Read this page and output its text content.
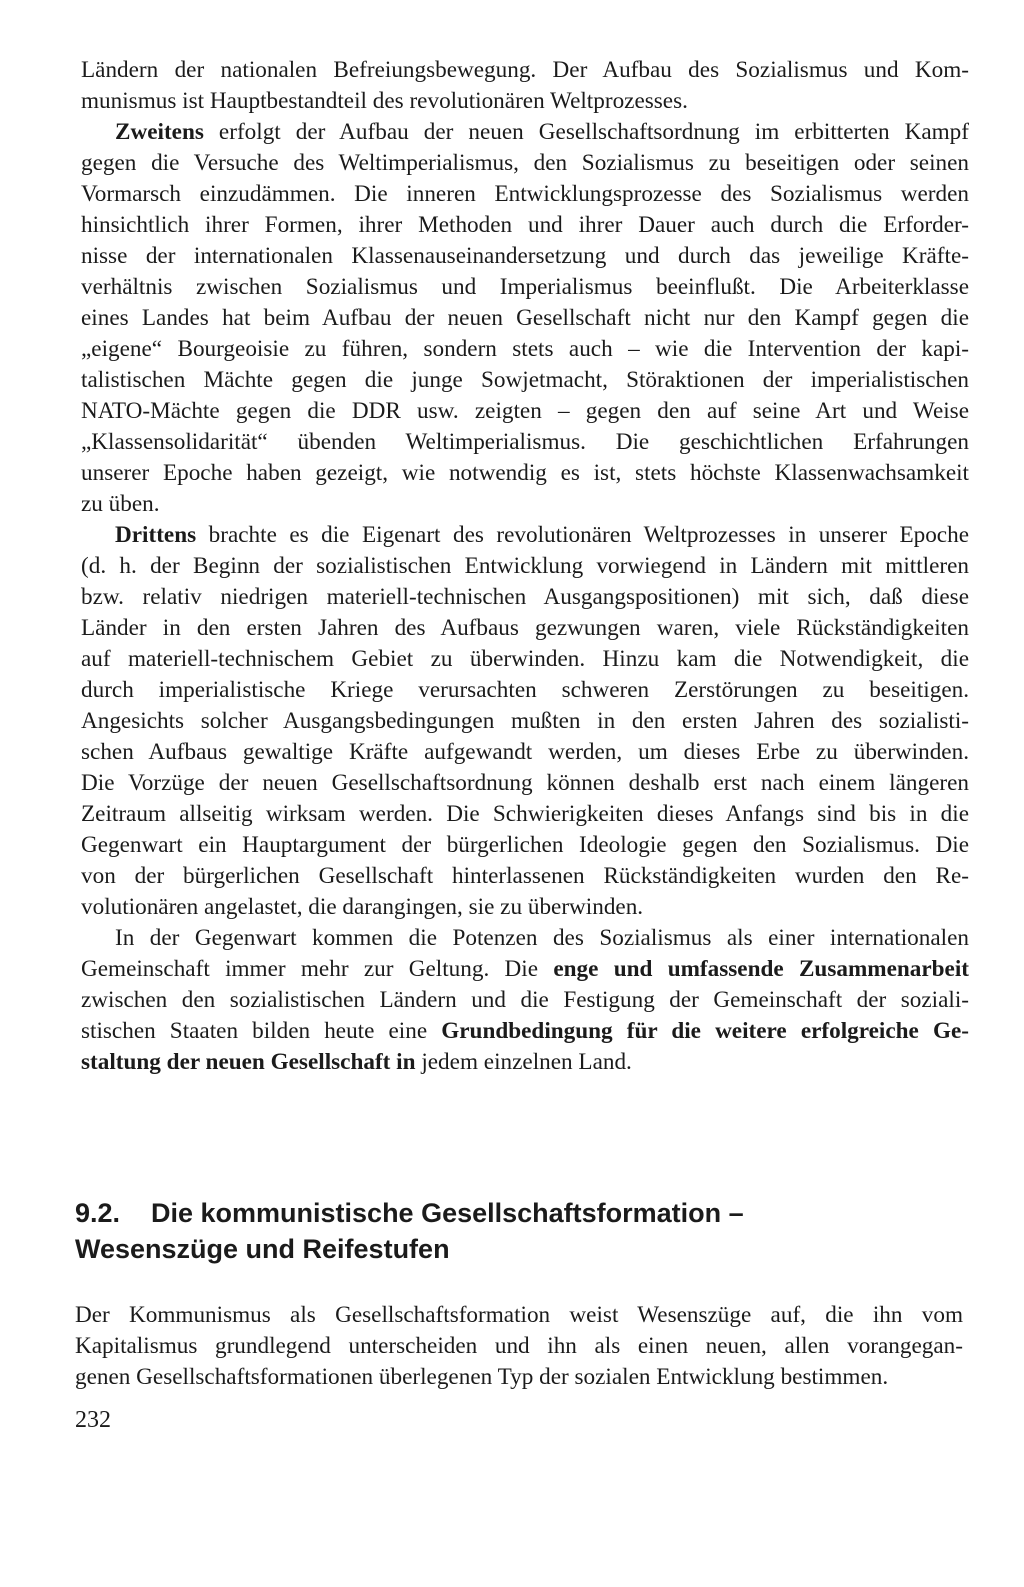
Ländern der nationalen Befreiungsbewegung. Der Aufbau des Sozialismus und Kom-
munismus ist Hauptbestandteil des revolutionären Weltprozesses.

Zweitens erfolgt der Aufbau der neuen Gesellschaftsordnung im erbitterten Kampf
gegen die Versuche des Weltimperialismus, den Sozialismus zu beseitigen oder seinen
Vormarsch einzudämmen. Die inneren Entwicklungsprozesse des Sozialismus werden
hinsichtlich ihrer Formen, ihrer Methoden und ihrer Dauer auch durch die Erforder-
nisse der internationalen Klassenauseinandersetzung und durch das jeweilige Kräfte-
verhältnis zwischen Sozialismus und Imperialismus beeinflußt. Die Arbeiterklasse
eines Landes hat beim Aufbau der neuen Gesellschaft nicht nur den Kampf gegen die
„eigene“ Bourgeoisie zu führen, sondern stets auch – wie die Intervention der kapi-
talistischen Mächte gegen die junge Sowjetmacht, Störaktionen der imperialistischen
NATO-Mächte gegen die DDR usw. zeigten – gegen den auf seine Art und Weise
„Klassensolidarität“ übenden Weltimperialismus. Die geschichtlichen Erfahrungen
unserer Epoche haben gezeigt, wie notwendig es ist, stets höchste Klassenwachsamkeit
zu üben.

Drittens brachte es die Eigenart des revolutionären Weltprozesses in unserer Epoche
(d. h. der Beginn der sozialistischen Entwicklung vorwiegend in Ländern mit mittleren
bzw. relativ niedrigen materiell-technischen Ausgangspositionen) mit sich, daß diese
Länder in den ersten Jahren des Aufbaus gezwungen waren, viele Rückständigkeiten
auf materiell-technischem Gebiet zu überwinden. Hinzu kam die Notwendigkeit, die
durch imperialistische Kriege verursachten schweren Zerstörungen zu beseitigen.
Angesichts solcher Ausgangsbedingungen mußten in den ersten Jahren des sozialisti-
schen Aufbaus gewaltige Kräfte aufgewandt werden, um dieses Erbe zu überwinden.
Die Vorzüge der neuen Gesellschaftsordnung können deshalb erst nach einem längeren
Zeitraum allseitig wirksam werden. Die Schwierigkeiten dieses Anfangs sind bis in die
Gegenwart ein Hauptargument der bürgerlichen Ideologie gegen den Sozialismus. Die
von der bürgerlichen Gesellschaft hinterlassenen Rückständigkeiten wurden den Re-
volutionären angelastet, die darangingen, sie zu überwinden.

In der Gegenwart kommen die Potenzen des Sozialismus als einer internationalen
Gemeinschaft immer mehr zur Geltung. Die enge und umfassende Zusammenarbeit
zwischen den sozialistischen Ländern und die Festigung der Gemeinschaft der soziali-
stischen Staaten bilden heute eine Grundbedingung für die weitere erfolgreiche Ge-
staltung der neuen Gesellschaft in jedem einzelnen Land.

9.2. Die kommunistische Gesellschaftsformation –
Wesenszüge und Reifestufen

Der Kommunismus als Gesellschaftsformation weist Wesenszüge auf, die ihn vom
Kapitalismus grundlegend unterscheiden und ihn als einen neuen, allen vorangegan-
genen Gesellschaftsformationen überlegenen Typ der sozialen Entwicklung bestimmen.

232
